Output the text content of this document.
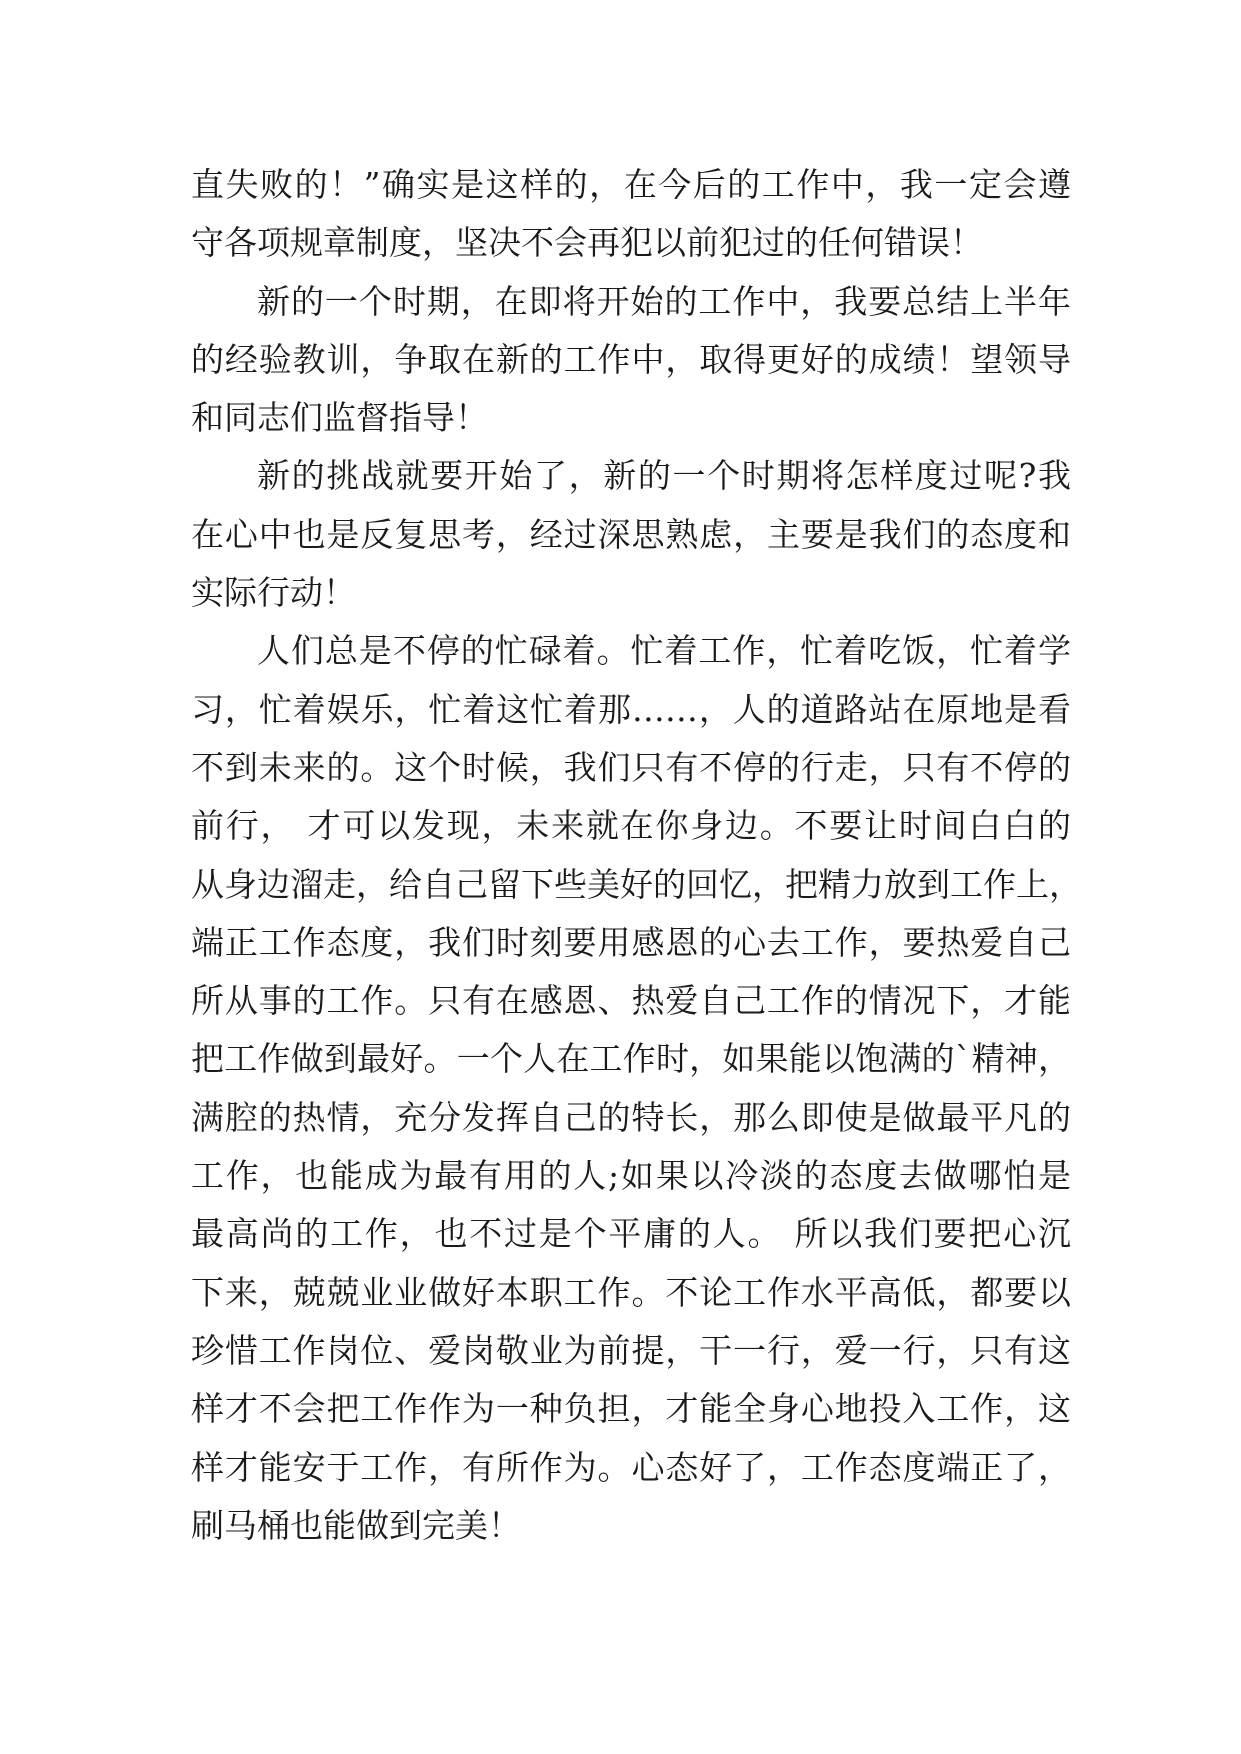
直失败的！”确实是这样的，在今后的工作中，我一定会遵
守各项规章制度，坚决不会再犯以前犯过的任何错误！
新的一个时期，在即将开始的工作中，我要总结上半年
的经验教训，争取在新的工作中，取得更好的成绩！望领导
和同志们监督指导！
新的挑战就要开始了，新的一个时期将怎样度过呢?我
在心中也是反复思考，经过深思熟虑，主要是我们的态度和
实际行动！
人们总是不停的忙碌着。忙着工作，忙着吃饭，忙着学
习，忙着娱乐，忙着这忙着那……，人的道路站在原地是看
不到未来的。这个时候，我们只有不停的行走，只有不停的
前行， 才可以发现，未来就在你身边。不要让时间白白的
从身边溜走，给自己留下些美好的回忆，把精力放到工作上，
端正工作态度，我们时刻要用感恩的心去工作，要热爱自己
所从事的工作。只有在感恩、热爱自己工作的情况下，才能
把工作做到最好。一个人在工作时，如果能以饱满的`精神，
满腔的热情，充分发挥自己的特长，那么即使是做最平凡的
工作，也能成为最有用的人;如果以冷淡的态度去做哪怕是
最高尚的工作，也不过是个平庸的人。 所以我们要把心沉
下来，兢兢业业做好本职工作。不论工作水平高低，都要以
珍惜工作岗位、爱岗敬业为前提，干一行，爱一行，只有这
样才不会把工作作为一种负担，才能全身心地投入工作，这
样才能安于工作，有所作为。心态好了，工作态度端正了，
刷马桶也能做到完美！
